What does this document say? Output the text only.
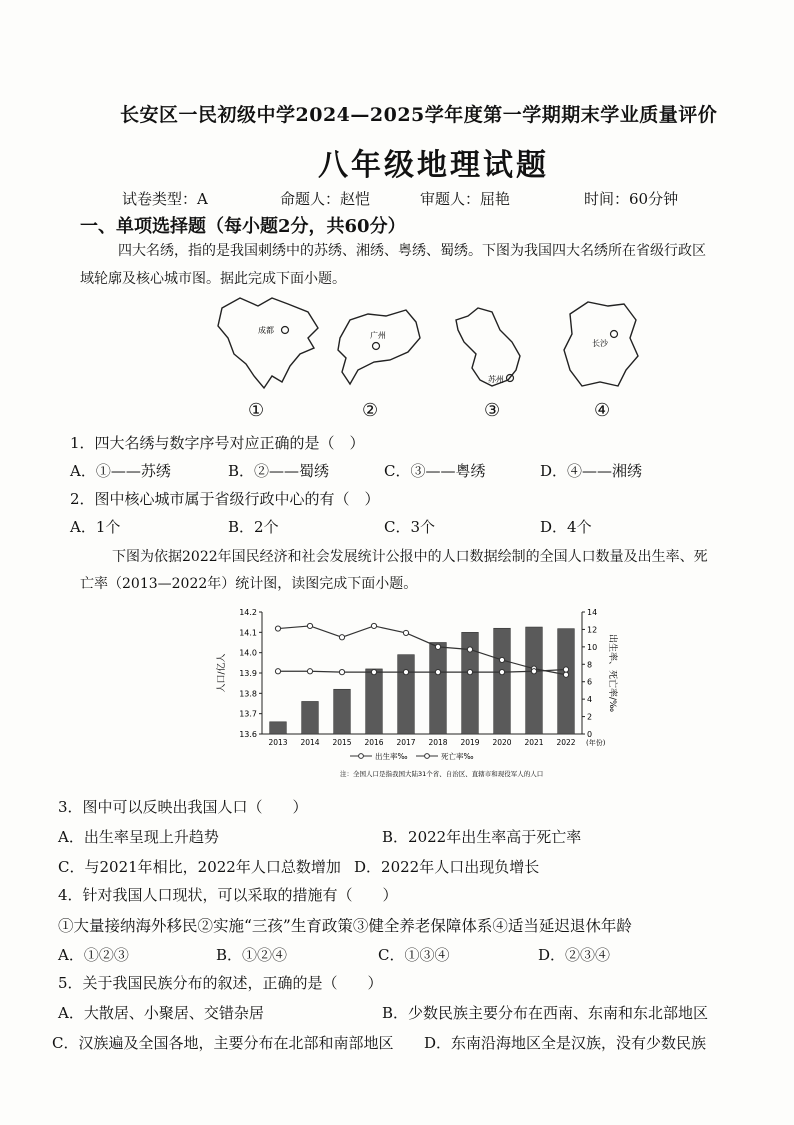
长安区一民初级中学2024—2025学年度第一学期期末学业质量评价
八年级地理试题
试卷类型：A	命题人：赵恺	审题人：屈艳	时间：60分钟
一、单项选择题（每小题2分，共60分）
四大名绣，指的是我国刺绣中的苏绣、湘绣、粤绣、蜀绣。下图为我国四大名绣所在省级行政区
域轮廓及核心城市图。据此完成下面小题。
成都
广州
苏州
长沙
①	②	③	④
1．四大名绣与数字序号对应正确的是（　）
A．①——苏绣	B．②——蜀绣	C．③——粤绣	D．④——湘绣
2．图中核心城市属于省级行政中心的有（　）
A．1个	B．2个	C．3个	D．4个
下图为依据2022年国民经济和社会发展统计公报中的人口数据绘制的全国人口数量及出生率、死
亡率（2013—2022年）统计图，读图完成下面小题。
13.6
13.7
13.8
13.9
14.0
14.1
14.2
0
2
4
6
8
10
12
14
2013 2014 2015 2016 2017 2018 2019 2020 2021 2022 (年份)
人口/亿人	出生率、死亡率/‰
出生率‰	死亡率‰
注：全国人口是指我国大陆31个省、自治区、直辖市和现役军人的人口
3．图中可以反映出我国人口（　　）
A．出生率呈现上升趋势	B．2022年出生率高于死亡率
C．与2021年相比，2022年人口总数增加 D．2022年人口出现负增长
4．针对我国人口现状，可以采取的措施有（　　）
①大量接纳海外移民②实施“三孩”生育政策③健全养老保障体系④适当延迟退休年龄
A．①②③	B．①②④	C．①③④	D．②③④
5．关于我国民族分布的叙述，正确的是（　　）
A．大散居、小聚居、交错杂居	B．少数民族主要分布在西南、东南和东北部地区
C．汉族遍及全国各地，主要分布在北部和南部地区 D．东南沿海地区全是汉族，没有少数民族
